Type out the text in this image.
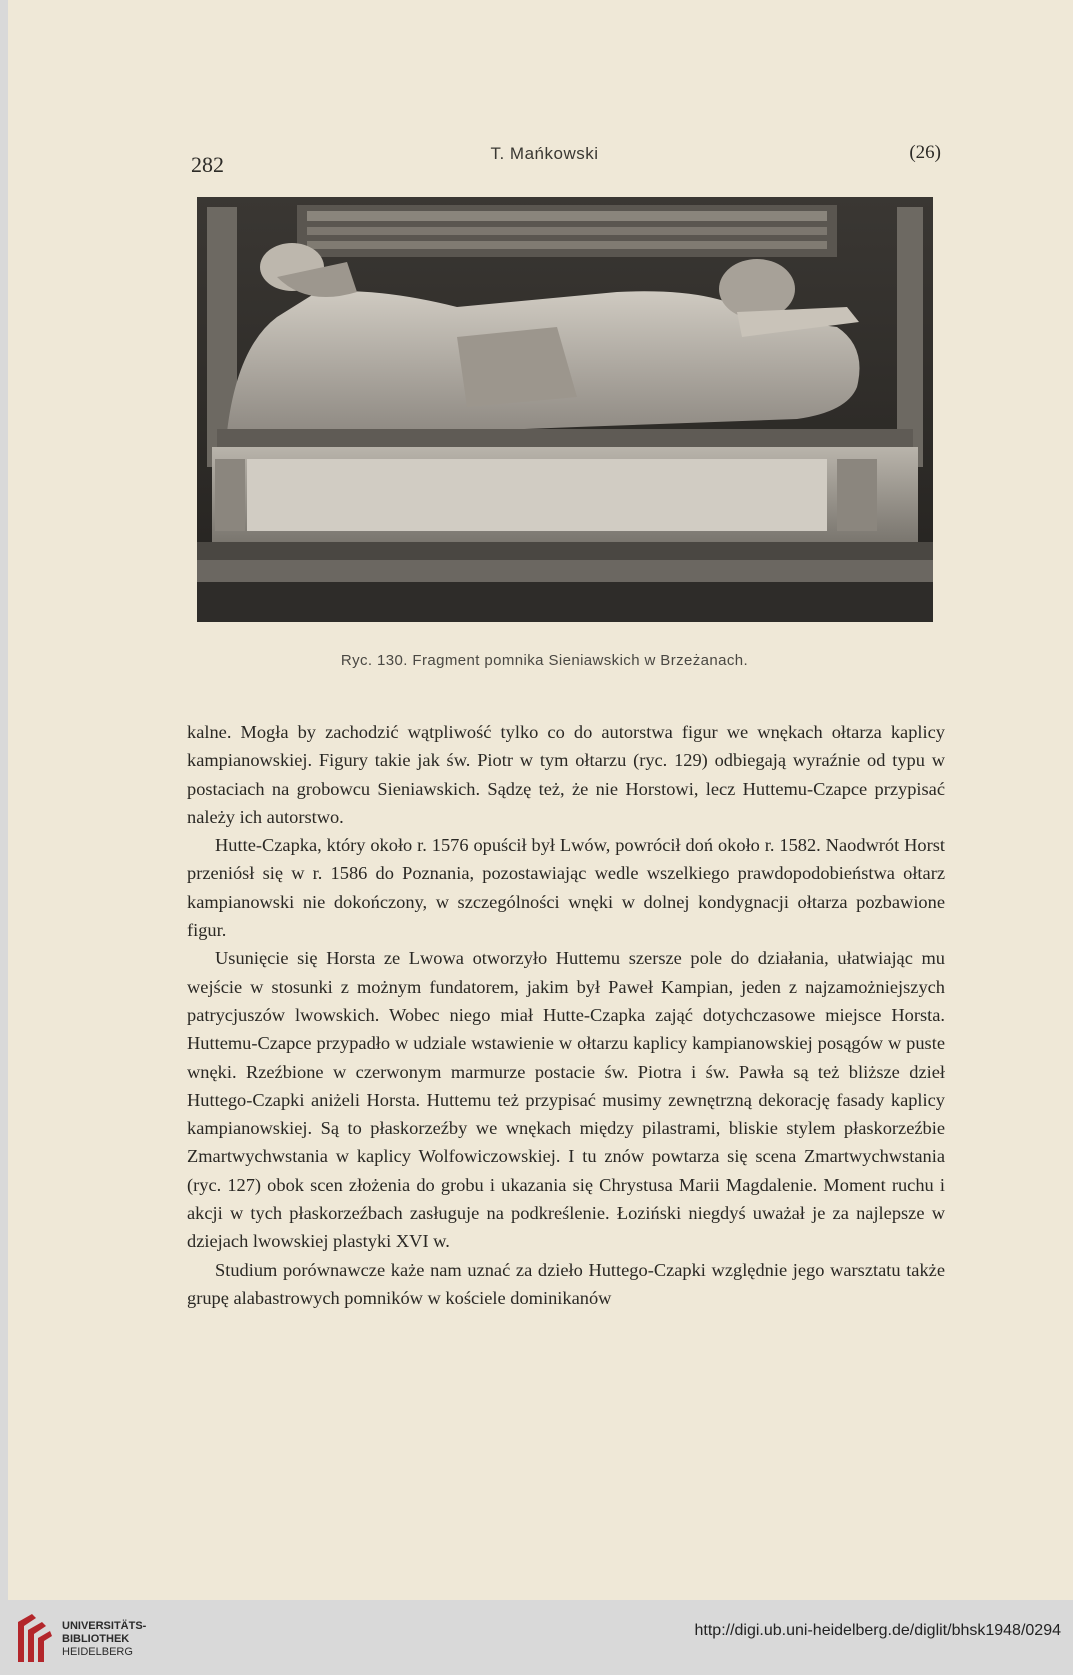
282	T. Mańkowski	(26)
Ryc. 130. Fragment pomnika Sieniawskich w Brzeżanach.

kalne. Mogła by zachodzić wątpliwość tylko co do autorstwa figur we wnękach ołtarza kaplicy kampianowskiej. Figury takie jak św. Piotr w tym ołtarzu (ryc. 129) odbiegają wyraźnie od typu w postaciach na grobowcu Sieniawskich. Sądzę też, że nie Horstowi, lecz Huttemu-Czapce przypisać należy ich autorstwo.

Hutte-Czapka, który około r. 1576 opuścił był Lwów, powrócił doń około r. 1582. Naodwrót Horst przeniósł się w r. 1586 do Poznania, pozostawiając wedle wszelkiego prawdopodobieństwa ołtarz kampianowski nie dokończony, w szczególności wnęki w dolnej kondygnacji ołtarza pozbawione figur.

Usunięcie się Horsta ze Lwowa otworzyło Huttemu szersze pole do działania, ułatwiając mu wejście w stosunki z możnym fundatorem, jakim był Paweł Kampian, jeden z najzamożniejszych patrycjuszów lwowskich. Wobec niego miał Hutte-Czapka zająć dotychczasowe miejsce Horsta. Huttemu-Czapce przypadło w udziale wstawienie w ołtarzu kaplicy kampianowskiej posągów w puste wnęki. Rzeźbione w czerwonym marmurze postacie św. Piotra i św. Pawła są też bliższe dzieł Huttego-Czapki aniżeli Horsta. Huttemu też przypisać musimy zewnętrzną dekorację fasady kaplicy kampianowskiej. Są to płaskorzeźby we wnękach między pilastrami, bliskie stylem płaskorzeźbie Zmartwychwstania w kaplicy Wolfowiczowskiej. I tu znów powtarza się scena Zmartwychwstania (ryc. 127) obok scen złożenia do grobu i ukazania się Chrystusa Marii Magdalenie. Moment ruchu i akcji w tych płaskorzeźbach zasługuje na podkreślenie. Łoziński niegdyś uważał je za najlepsze w dziejach lwowskiej plastyki XVI w.

Studium porównawcze każe nam uznać za dzieło Huttego-Czapki względnie jego warsztatu także grupę alabastrowych pomników w kościele dominikanów

UNIVERSITÄTS-
BIBLIOTHEK
HEIDELBERG
http://digi.ub.uni-heidelberg.de/diglit/bhsk1948/0294
